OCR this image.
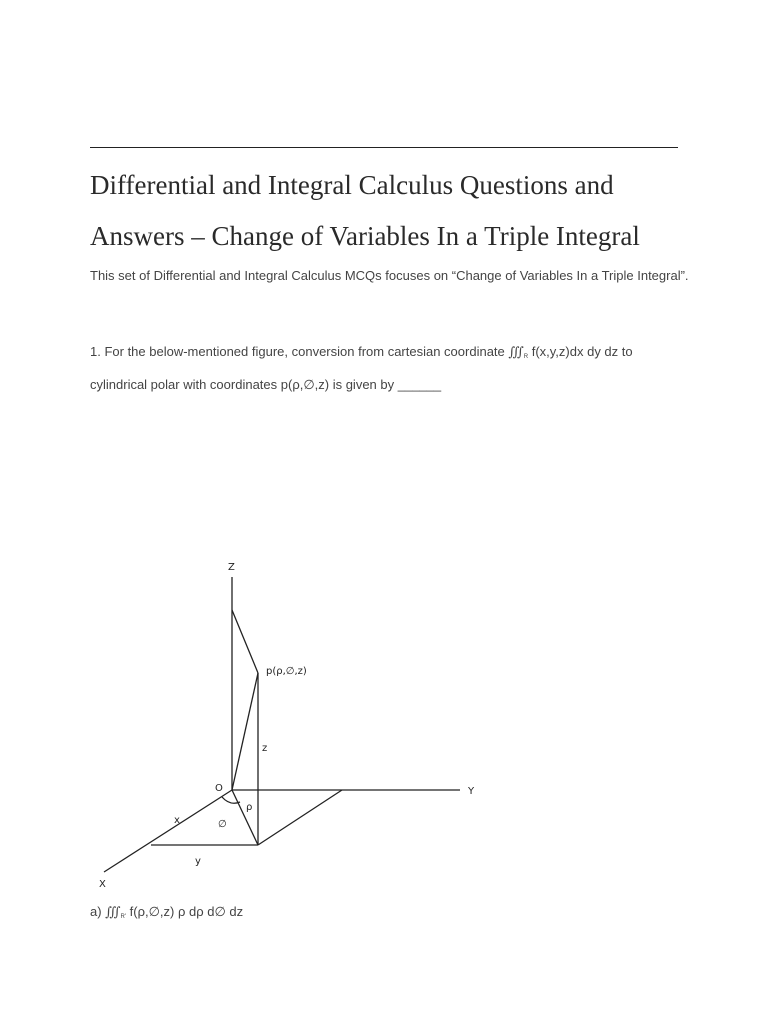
Differential and Integral Calculus Questions and Answers – Change of Variables In a Triple Integral

This set of Differential and Integral Calculus MCQs focuses on “Change of Variables In a Triple Integral”.

1. For the below-mentioned figure, conversion from cartesian coordinate $∭_R$ f(x,y,z)dx dy dz to cylindrical polar with coordinates p(ρ,∅,z) is given by ______

Z
Y
X
p(ρ,∅,z)
z
O
ρ
∅
x
y

a) $∭_{R'}$ f(ρ,∅,z) ρ dρ d∅ dz
